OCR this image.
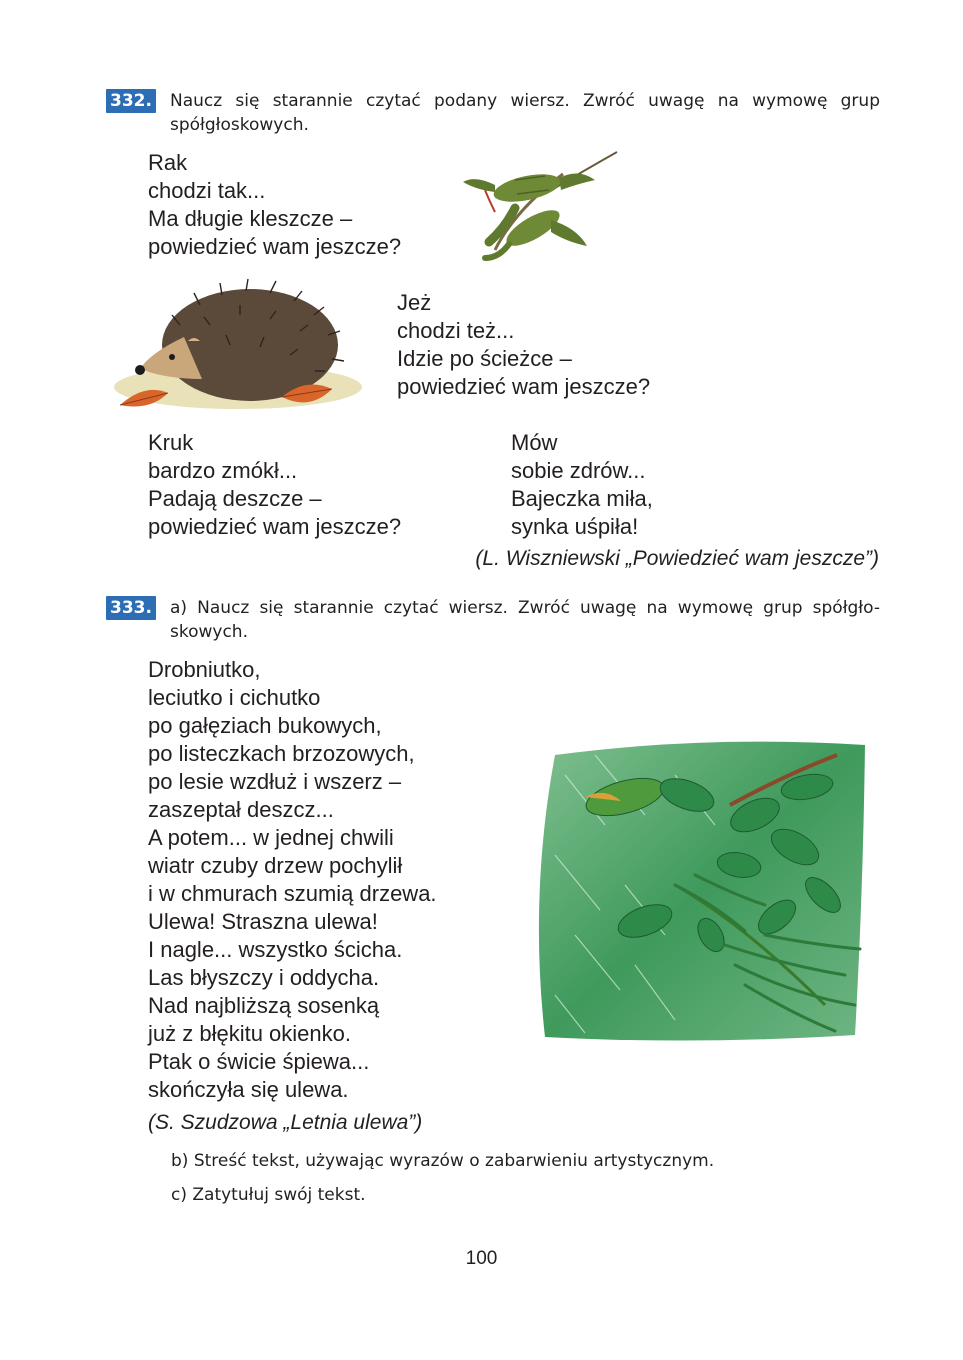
332. Naucz się starannie czytać podany wiersz. Zwróć uwagę na wymowę grup
spółgłoskowych.
Rak
chodzi tak...
Ma długie kleszcze –
powiedzieć wam jeszcze?
Jeż
chodzi też...
Idzie po ścieżce –
powiedzieć wam jeszcze?
Kruk
bardzo zmókł...
Padają deszcze –
powiedzieć wam jeszcze?
Mów
sobie zdrów...
Bajeczka miła,
synka uśpiła!
(L. Wiszniewski „Powiedzieć wam jeszcze”)
333. a) Naucz się starannie czytać wiersz. Zwróć uwagę na wymowę grup spółgło-
skowych.
Drobniutko,
leciutko i cichutko
po gałęziach bukowych,
po listeczkach brzozowych,
po lesie wzdłuż i wszerz –
zaszeptał deszcz...
A potem... w jednej chwili
wiatr czuby drzew pochylił
i w chmurach szumią drzewa.
Ulewa! Straszna ulewa!
I nagle... wszystko ścicha.
Las błyszczy i oddycha.
Nad najbliższą sosenką
już z błękitu okienko.
Ptak o świcie śpiewa...
skończyła się ulewa.
(S. Szudzowa „Letnia ulewa”)
b) Streść tekst, używając wyrazów o zabarwieniu artystycznym.
c) Zatytułuj swój tekst.
100
